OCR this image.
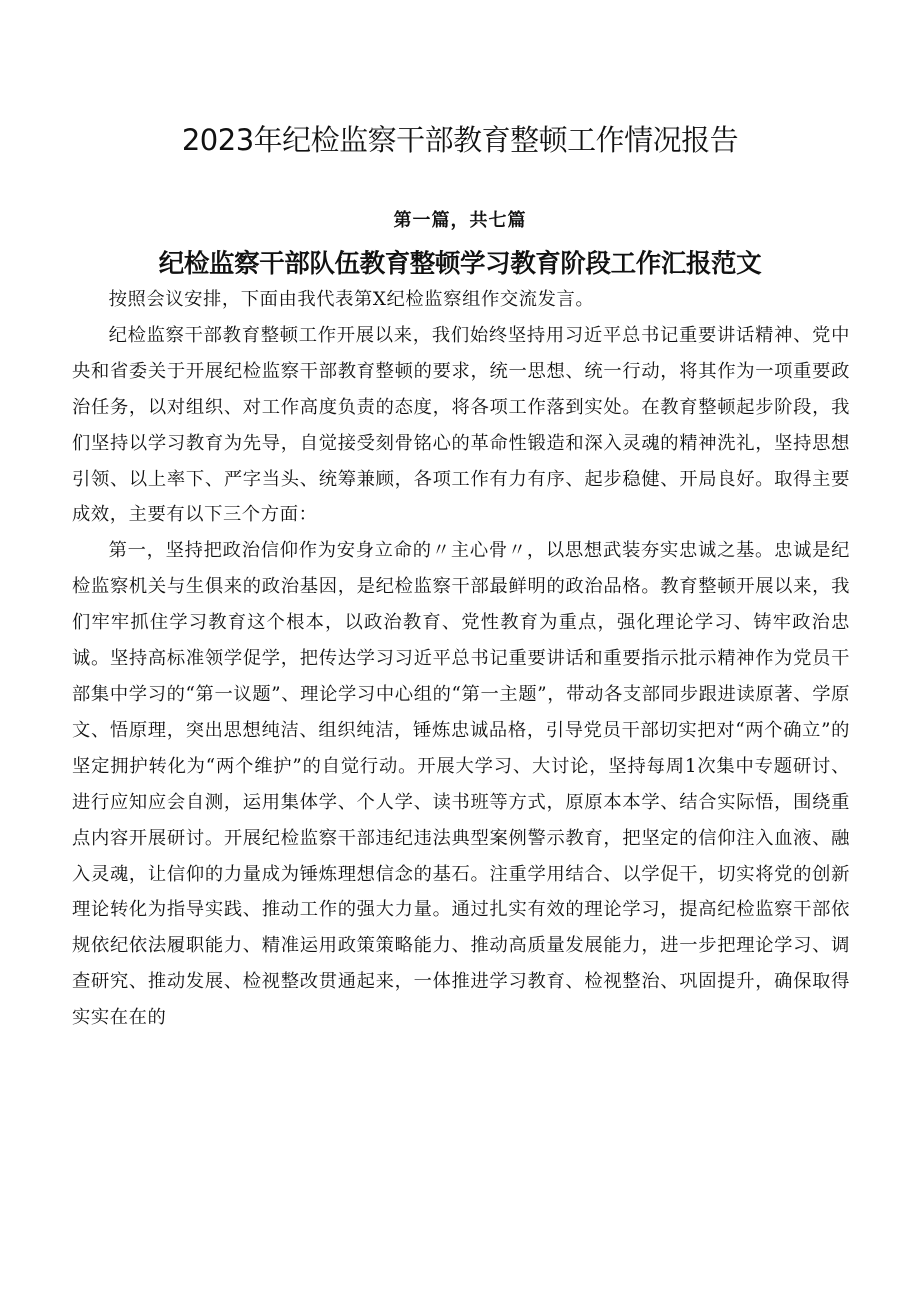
2023年纪检监察干部教育整顿工作情况报告
第一篇，共七篇
纪检监察干部队伍教育整顿学习教育阶段工作汇报范文

按照会议安排，下面由我代表第X纪检监察组作交流发言。

纪检监察干部教育整顿工作开展以来，我们始终坚持用习近平总书记重要讲话精神、党中央和省委关于开展纪检监察干部教育整顿的要求，统一思想、统一行动，将其作为一项重要政治任务，以对组织、对工作高度负责的态度，将各项工作落到实处。在教育整顿起步阶段，我们坚持以学习教育为先导，自觉接受刻骨铭心的革命性锻造和深入灵魂的精神洗礼，坚持思想引领、以上率下、严字当头、统筹兼顾，各项工作有力有序、起步稳健、开局良好。取得主要成效，主要有以下三个方面：

第一，坚持把政治信仰作为安身立命的〃主心骨〃，以思想武装夯实忠诚之基。忠诚是纪检监察机关与生俱来的政治基因，是纪检监察干部最鲜明的政治品格。教育整顿开展以来，我们牢牢抓住学习教育这个根本，以政治教育、党性教育为重点，强化理论学习、铸牢政治忠诚。坚持高标准领学促学，把传达学习习近平总书记重要讲话和重要指示批示精神作为党员干部集中学习的“第一议题”、理论学习中心组的“第一主题”，带动各支部同步跟进读原著、学原文、悟原理，突出思想纯洁、组织纯洁，锤炼忠诚品格，引导党员干部切实把对“两个确立”的坚定拥护转化为“两个维护”的自觉行动。开展大学习、大讨论，坚持每周1次集中专题研讨、进行应知应会自测，运用集体学、个人学、读书班等方式，原原本本学、结合实际悟，围绕重点内容开展研讨。开展纪检监察干部违纪违法典型案例警示教育，把坚定的信仰注入血液、融入灵魂，让信仰的力量成为锤炼理想信念的基石。注重学用结合、以学促干，切实将党的创新理论转化为指导实践、推动工作的强大力量。通过扎实有效的理论学习，提高纪检监察干部依规依纪依法履职能力、精准运用政策策略能力、推动高质量发展能力，进一步把理论学习、调查研究、推动发展、检视整改贯通起来，一体推进学习教育、检视整治、巩固提升，确保取得实实在在的
